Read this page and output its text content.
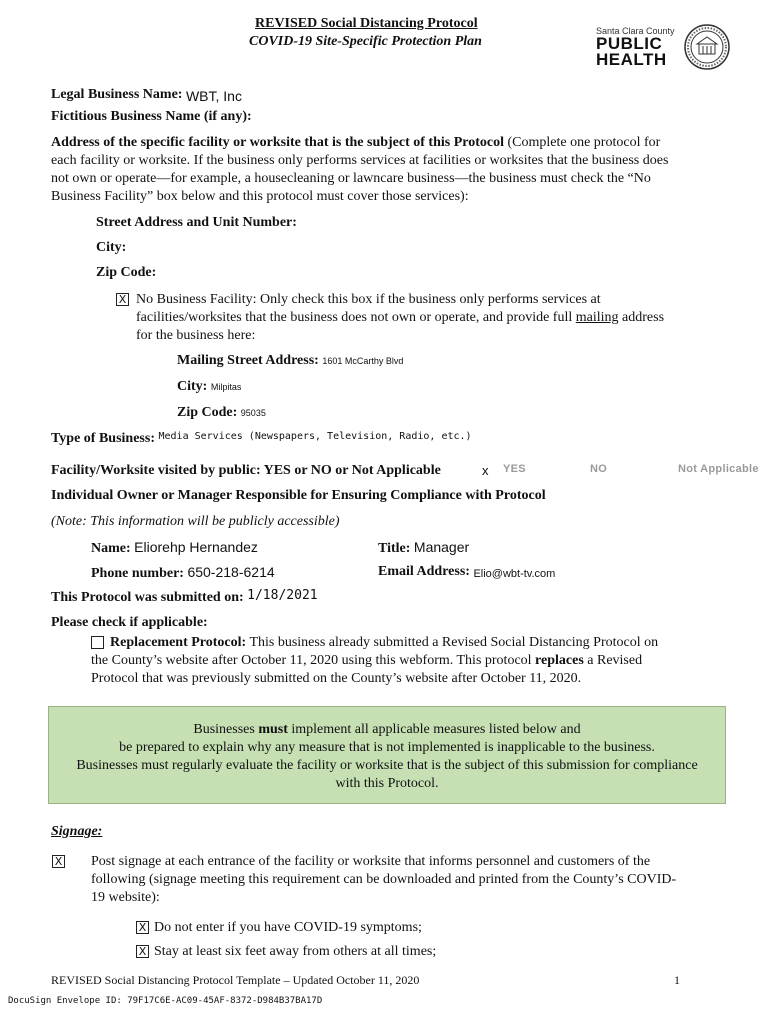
REVISED Social Distancing Protocol
COVID-19 Site-Specific Protection Plan
Santa Clara County
PUBLIC
HEALTH
Legal Business Name: WBT, Inc
Fictitious Business Name (if any):
Address of the specific facility or worksite that is the subject of this Protocol (Complete one protocol for
each facility or worksite. If the business only performs services at facilities or worksites that the business does
not own or operate—for example, a housecleaning or lawncare business—the business must check the “No
Business Facility” box below and this protocol must cover those services):
Street Address and Unit Number:
City:
Zip Code:
X No Business Facility: Only check this box if the business only performs services at
facilities/worksites that the business does not own or operate, and provide full mailing address
for the business here:
Mailing Street Address: 1601 McCarthy Blvd
City: Milpitas
Zip Code: 95035
Type of Business: $^{Media Services (Newspapers, Television, Radio, etc.)}$
Facility/Worksite visited by public: YES or NO or Not Applicable	x YES	NO	Not Applicable
Individual Owner or Manager Responsible for Ensuring Compliance with Protocol
(Note: This information will be publicly accessible)
Name: Eliorehp Hernandez	Title: Manager
Phone number: 650-218-6214	Email Address: Elio@wbt-tv.com
This Protocol was submitted on: 1/18/2021
Please check if applicable:
Replacement Protocol: This business already submitted a Revised Social Distancing Protocol on
the County’s website after October 11, 2020 using this webform. This protocol replaces a Revised
Protocol that was previously submitted on the County’s website after October 11, 2020.
Businesses must implement all applicable measures listed below and
be prepared to explain why any measure that is not implemented is inapplicable to the business.
Businesses must regularly evaluate the facility or worksite that is the subject of this submission for compliance
with this Protocol.
Signage:
X Post signage at each entrance of the facility or worksite that informs personnel and customers of the
following (signage meeting this requirement can be downloaded and printed from the County’s COVID-
19 website):
X Do not enter if you have COVID-19 symptoms;
X Stay at least six feet away from others at all times;
REVISED Social Distancing Protocol Template – Updated October 11, 2020	1
DocuSign Envelope ID: 79F17C6E-AC09-45AF-8372-D984B37BA17D
